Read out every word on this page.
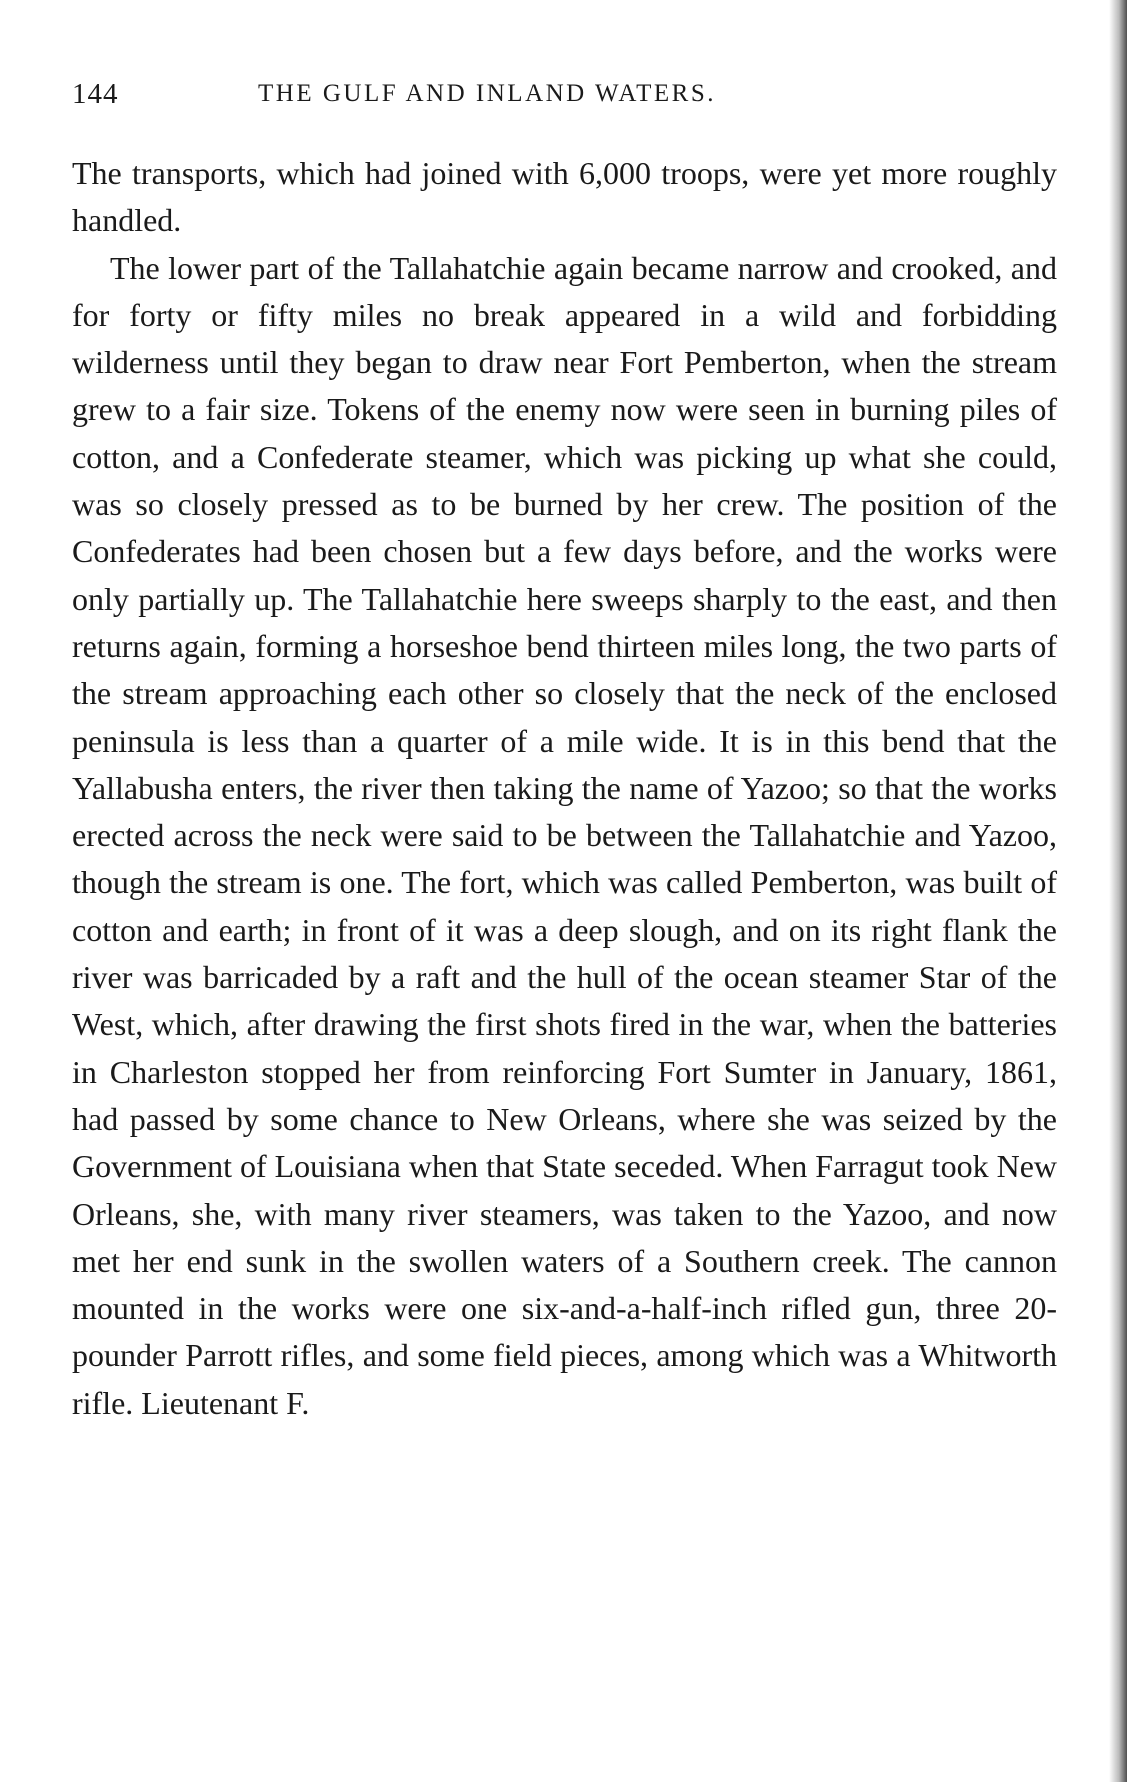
144	THE GULF AND INLAND WATERS.

The transports, which had joined with 6,000 troops, were yet more roughly handled.

The lower part of the Tallahatchie again became narrow and crooked, and for forty or fifty miles no break appeared in a wild and forbidding wilderness until they began to draw near Fort Pemberton, when the stream grew to a fair size. Tokens of the enemy now were seen in burning piles of cotton, and a Confederate steamer, which was picking up what she could, was so closely pressed as to be burned by her crew. The position of the Confederates had been chosen but a few days before, and the works were only partially up. The Tallahatchie here sweeps sharply to the east, and then returns again, forming a horseshoe bend thirteen miles long, the two parts of the stream approaching each other so closely that the neck of the enclosed peninsula is less than a quarter of a mile wide. It is in this bend that the Yallabusha enters, the river then taking the name of Yazoo; so that the works erected across the neck were said to be between the Tallahatchie and Yazoo, though the stream is one. The fort, which was called Pemberton, was built of cotton and earth; in front of it was a deep slough, and on its right flank the river was barricaded by a raft and the hull of the ocean steamer Star of the West, which, after drawing the first shots fired in the war, when the batteries in Charleston stopped her from reinforcing Fort Sumter in January, 1861, had passed by some chance to New Orleans, where she was seized by the Government of Louisiana when that State seceded. When Farragut took New Orleans, she, with many river steamers, was taken to the Yazoo, and now met her end sunk in the swollen waters of a Southern creek. The cannon mounted in the works were one six-and-a-half-inch rifled gun, three 20-pounder Parrott rifles, and some field pieces, among which was a Whitworth rifle. Lieutenant F.
